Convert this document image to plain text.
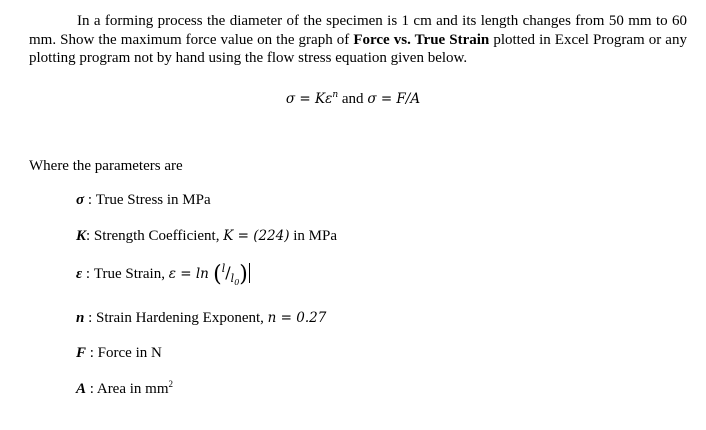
In a forming process the diameter of the specimen is 1 cm and its length changes from 50 mm to 60 mm. Show the maximum force value on the graph of Force vs. True Strain plotted in Excel Program or any plotting program not by hand using the flow stress equation given below.
$\sigma = K\varepsilon^n$ and σ = F/A
Where the parameters are
σ : True Stress in MPa
K: Strength Coefficient, K = (224) in MPa
ε : True Strain, $\varepsilon = \ln (^l/_{l_0})$
n : Strain Hardening Exponent, n = 0.27
F : Force in N
A : Area in $mm^2$
